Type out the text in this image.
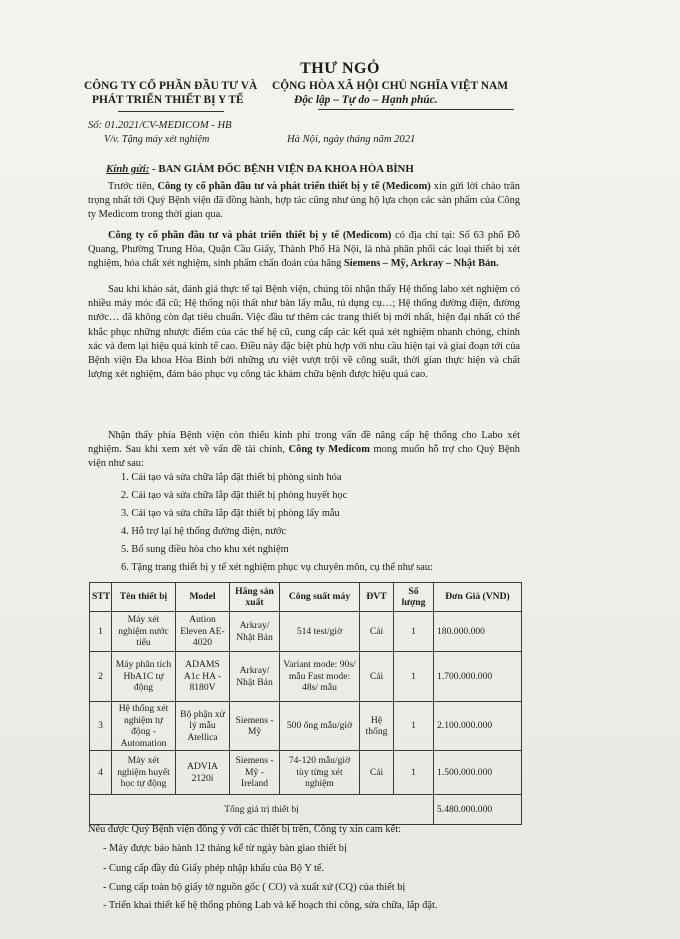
THƯ NGỎ
CÔNG TY CỔ PHẦN ĐẦU TƯ VÀ
PHÁT TRIỂN THIẾT BỊ Y TẾ
CỘNG HÒA XÃ HỘI CHỦ NGHĨA VIỆT NAM
Độc lập – Tự do – Hạnh phúc.
Số: 01.2021/CV-MEDICOM - HB
V/v. Tặng máy xét nghiệm	Hà Nội, ngày tháng năm 2021
Kính gửi: - BAN GIÁM ĐỐC BỆNH VIỆN ĐA KHOA HÒA BÌNH
Trước tiên, Công ty cổ phần đầu tư và phát triển thiết bị y tế (Medicom) xin gửi lời chào trân trọng nhất tới Quý Bệnh viện đã đồng hành, hợp tác cũng như ủng hộ lựa chọn các sản phẩm của Công ty Medicom trong thời gian qua.
Công ty cổ phần đầu tư và phát triển thiết bị y tế (Medicom) có địa chỉ tại: Số 63 phố Đỗ Quang, Phường Trung Hòa, Quận Cầu Giấy, Thành Phố Hà Nội, là nhà phân phối các loại thiết bị xét nghiệm, hóa chất xét nghiệm, sinh phẩm chẩn đoán của hãng Siemens – Mỹ, Arkray – Nhật Bản.
Sau khi khảo sát, đánh giá thực tế tại Bệnh viện, chúng tôi nhận thấy Hệ thống labo xét nghiệm có nhiều máy móc đã cũ; Hệ thống nội thất như bàn lấy mẫu, tủ dụng cụ…; Hệ thống đường điện, đường nước… đã không còn đạt tiêu chuẩn. Việc đầu tư thêm các trang thiết bị mới nhất, hiện đại nhất có thể khắc phục những nhược điểm của các thế hệ cũ, cung cấp các kết quả xét nghiệm nhanh chóng, chính xác và đem lại hiệu quả kinh tế cao. Điều này đặc biệt phù hợp với nhu cầu hiện tại và giai đoạn tới của Bệnh viện Đa khoa Hòa Bình bởi những ưu việt vượt trội về công suất, thời gian thực hiện và chất lượng xét nghiệm, đảm bảo phục vụ công tác khám chữa bệnh được hiệu quả cao.
Nhận thấy phía Bệnh viện còn thiếu kinh phí trong vấn đề nâng cấp hệ thống cho Labo xét nghiệm. Sau khi xem xét về vấn đề tài chính, Công ty Medicom mong muốn hỗ trợ cho Quý Bệnh viện như sau:
1. Cải tạo và sửa chữa lắp đặt thiết bị phòng sinh hóa
2. Cải tạo và sửa chữa lắp đặt thiết bị phòng huyết học
3. Cải tạo và sửa chữa lắp đặt thiết bị phòng lấy mẫu
4. Hỗ trợ lại hệ thống đường điện, nước
5. Bổ sung điều hòa cho khu xét nghiệm
6. Tặng trang thiết bị y tế xét nghiệm phục vụ chuyên môn, cụ thể như sau:
STT	Tên thiết bị	Model	Hãng sản xuất	Công suất máy	ĐVT	Số lượng	Đơn Giá (VND)
1	Máy xét nghiệm nước tiểu	Aution Eleven AE-4020	Arkray/ Nhật Bản	514 test/giờ	Cái	1	180.000.000
2	Máy phân tích HbA1C tự động	ADAMS A1c HA - 8180V	Arkray/ Nhật Bản	Variant mode: 90s/ mẫu Fast mode: 48s/ mẫu	Cái	1	1.700.000.000
3	Hệ thống xét nghiệm tự động - Automation	Bộ phận xử lý mẫu Atellica	Siemens - Mỹ	500 ống mẫu/giờ	Hệ thống	1	2.100.000.000
4	Máy xét nghiệm huyết học tự động	ADVIA 2120i	Siemens - Mỹ - Ireland	74-120 mẫu/giờ tùy từng xét nghiệm	Cái	1	1.500.000.000
Tổng giá trị thiết bị							5.480.000.000
Nếu được Quý Bệnh viện đồng ý với các thiết bị trên, Công ty xin cam kết:
- Máy được bảo hành 12 tháng kể từ ngày bàn giao thiết bị
- Cung cấp đầy đủ Giấy phép nhập khẩu của Bộ Y tế.
- Cung cấp toàn bộ giấy tờ nguồn gốc ( CO) và xuất xứ (CQ) của thiết bị
- Triển khai thiết kế hệ thống phòng Lab và kế hoạch thi công, sửa chữa, lắp đặt.
